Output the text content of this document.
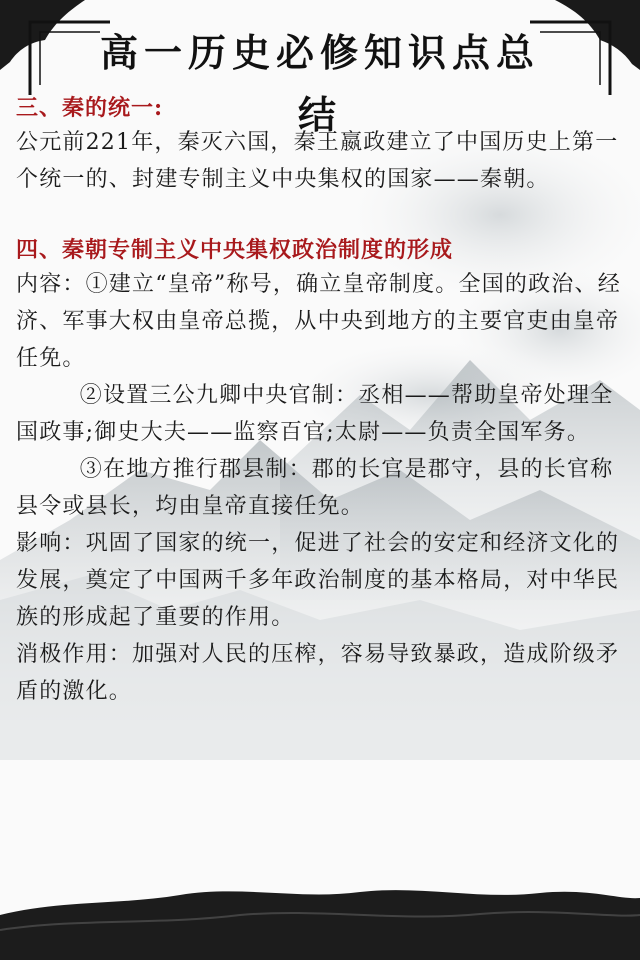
高一历史必修知识点总结

三、秦的统一:

公元前221年，秦灭六国，秦王嬴政建立了中国历史上第一个统一的、封建专制主义中央集权的国家——秦朝。

四、秦朝专制主义中央集权政治制度的形成

内容：①建立“皇帝”称号，确立皇帝制度。全国的政治、经济、军事大权由皇帝总揽，从中央到地方的主要官吏由皇帝任免。

②设置三公九卿中央官制：丞相——帮助皇帝处理全国政事;御史大夫——监察百官;太尉——负责全国军务。

③在地方推行郡县制：郡的长官是郡守，县的长官称县令或县长，均由皇帝直接任免。

影响：巩固了国家的统一，促进了社会的安定和经济文化的发展，奠定了中国两千多年政治制度的基本格局，对中华民族的形成起了重要的作用。

消极作用：加强对人民的压榨，容易导致暴政，造成阶级矛盾的激化。
